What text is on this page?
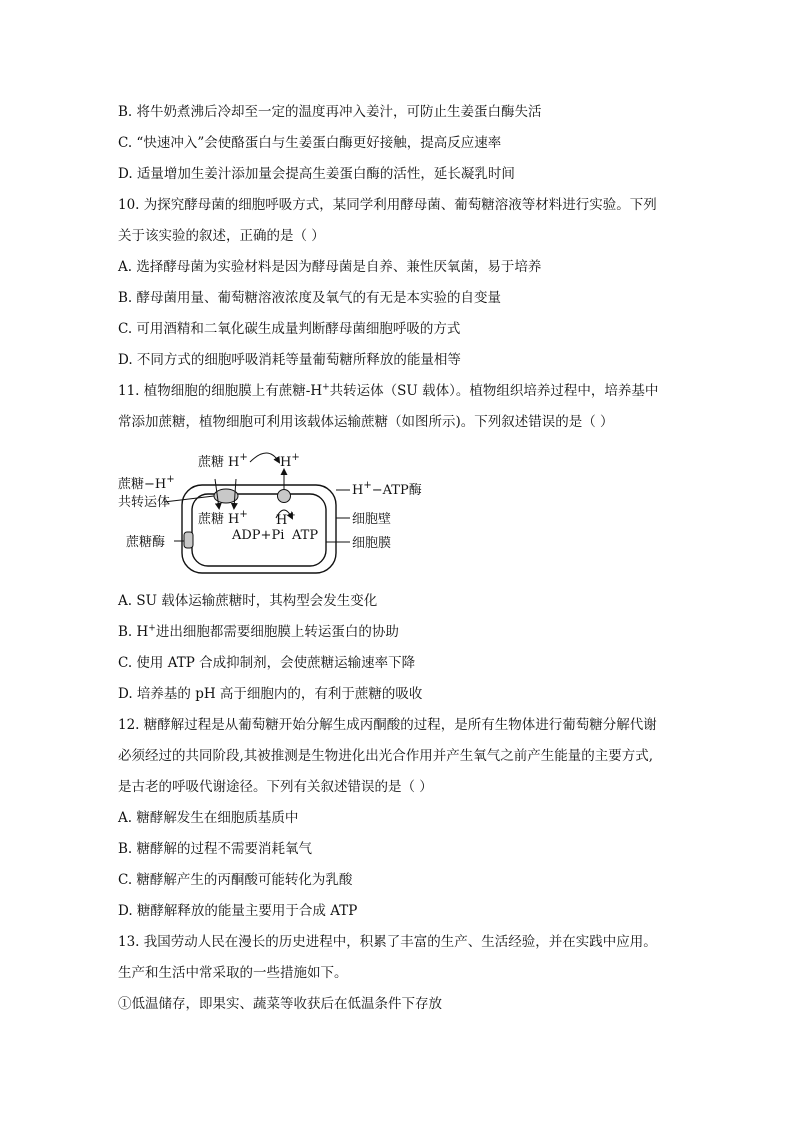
B. 将牛奶煮沸后冷却至一定的温度再冲入姜汁，可防止生姜蛋白酶失活
C. “快速冲入”会使酪蛋白与生姜蛋白酶更好接触，提高反应速率
D. 适量增加生姜汁添加量会提高生姜蛋白酶的活性，延长凝乳时间
10. 为探究酵母菌的细胞呼吸方式，某同学利用酵母菌、葡萄糖溶液等材料进行实验。下列
关于该实验的叙述，正确的是（ ）
A. 选择酵母菌为实验材料是因为酵母菌是自养、兼性厌氧菌，易于培养
B. 酵母菌用量、葡萄糖溶液浓度及氧气的有无是本实验的自变量
C. 可用酒精和二氧化碳生成量判断酵母菌细胞呼吸的方式
D. 不同方式的细胞呼吸消耗等量葡萄糖所释放的能量相等
11. 植物细胞的细胞膜上有蔗糖-H+共转运体（SU 载体）。植物组织培养过程中，培养基中
常添加蔗糖，植物细胞可利用该载体运输蔗糖（如图所示)。下列叙述错误的是（ ）
蔗糖 H+ H+
蔗糖−H+
共转运体
H+−ATP酶
细胞壁
细胞膜
蔗糖酶
蔗糖 H+ H+
ADP+Pi ATP
A. SU 载体运输蔗糖时，其构型会发生变化
B. H+进出细胞都需要细胞膜上转运蛋白的协助
C. 使用 ATP 合成抑制剂，会使蔗糖运输速率下降
D. 培养基的 pH 高于细胞内的，有利于蔗糖的吸收
12. 糖酵解过程是从葡萄糖开始分解生成丙酮酸的过程，是所有生物体进行葡萄糖分解代谢
必须经过的共同阶段,其被推测是生物进化出光合作用并产生氧气之前产生能量的主要方式,
是古老的呼吸代谢途径。下列有关叙述错误的是（ ）
A. 糖酵解发生在细胞质基质中
B. 糖酵解的过程不需要消耗氧气
C. 糖酵解产生的丙酮酸可能转化为乳酸
D. 糖酵解释放的能量主要用于合成 ATP
13. 我国劳动人民在漫长的历史进程中，积累了丰富的生产、生活经验，并在实践中应用。
生产和生活中常采取的一些措施如下。
①低温储存，即果实、蔬菜等收获后在低温条件下存放
